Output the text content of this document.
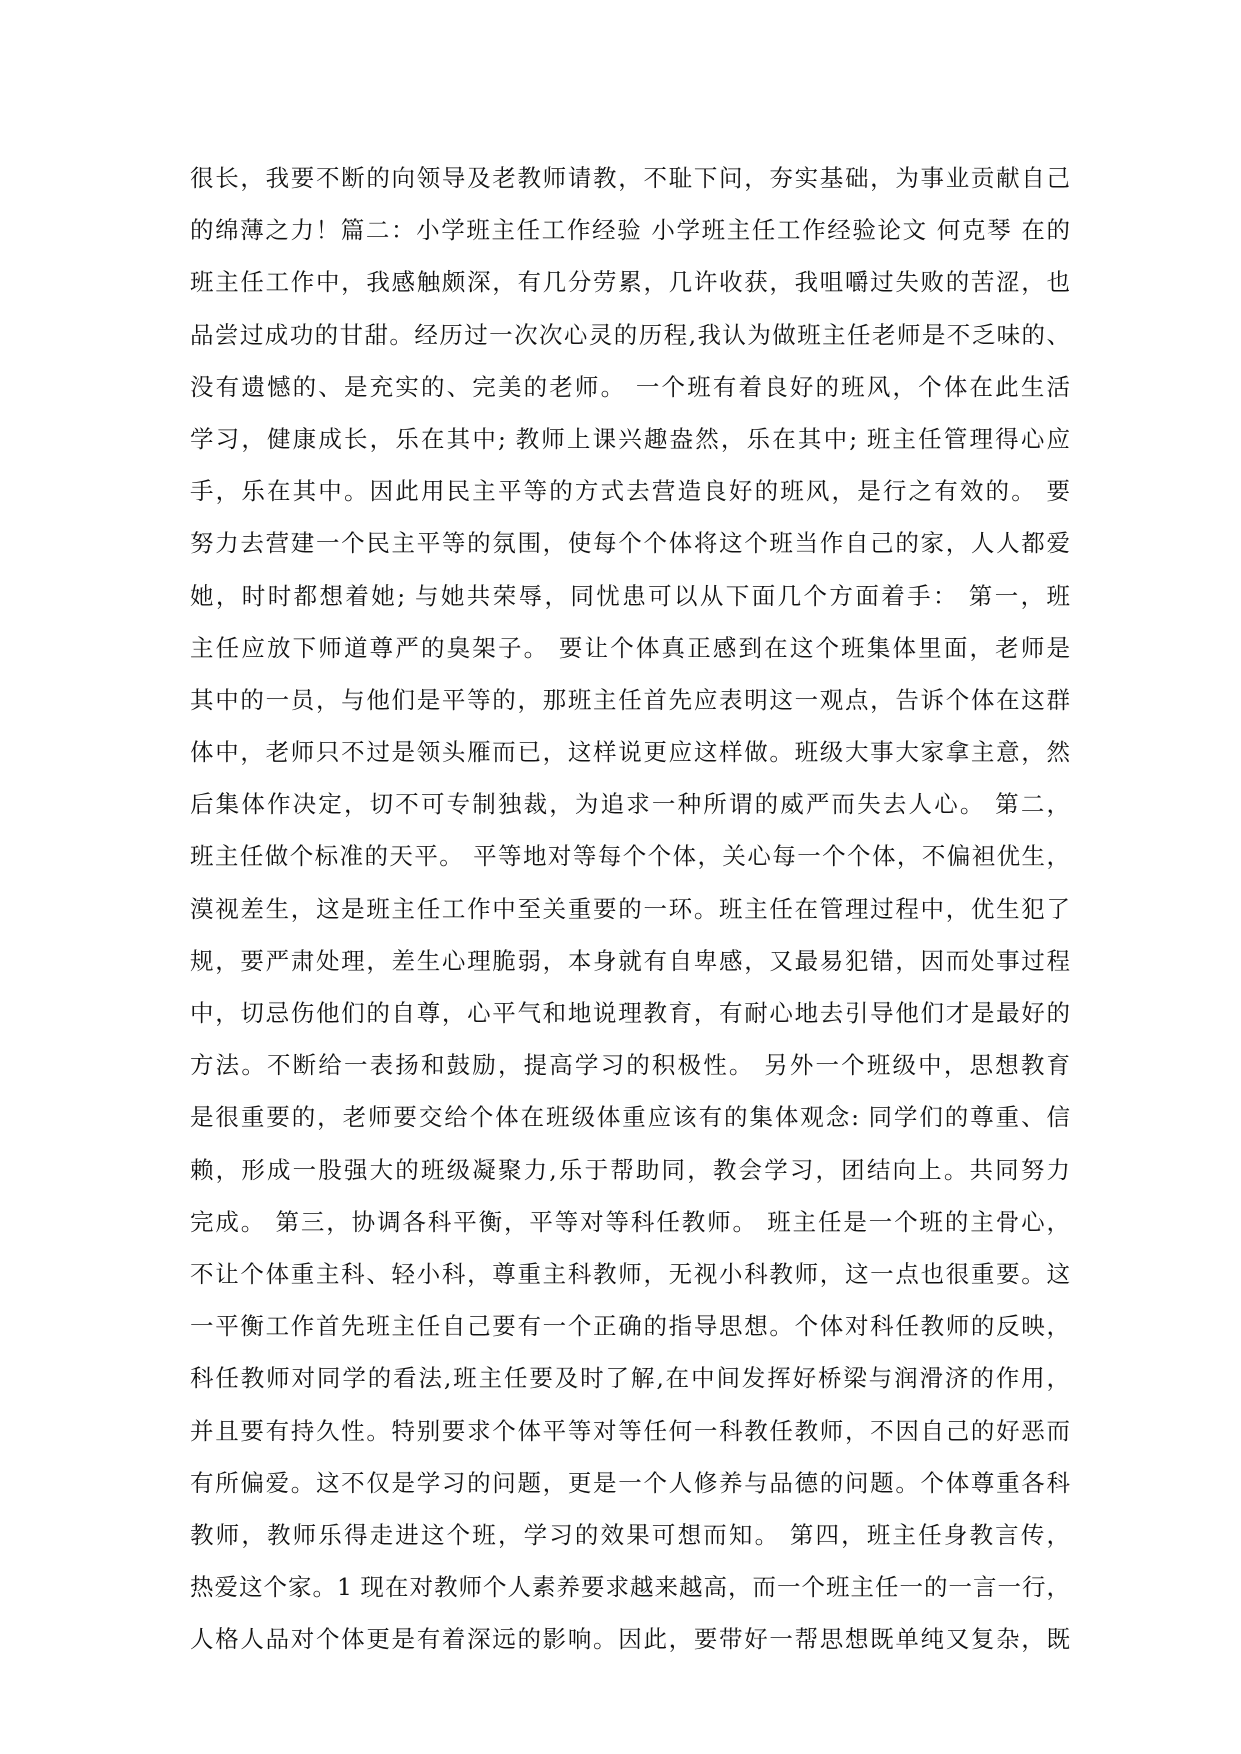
很长，我要不断的向领导及老教师请教，不耻下问，夯实基础，为事业贡献自己
的绵薄之力！篇二：小学班主任工作经验 小学班主任工作经验论文 何克琴 在的
班主任工作中，我感触颇深，有几分劳累，几许收获，我咀嚼过失败的苦涩，也
品尝过成功的甘甜。经历过一次次心灵的历程,我认为做班主任老师是不乏味的、
没有遗憾的、是充实的、完美的老师。 一个班有着良好的班风，个体在此生活
学习，健康成长，乐在其中; 教师上课兴趣盎然，乐在其中; 班主任管理得心应
手，乐在其中。因此用民主平等的方式去营造良好的班风，是行之有效的。 要
努力去营建一个民主平等的氛围，使每个个体将这个班当作自己的家，人人都爱
她，时时都想着她; 与她共荣辱，同忧患可以从下面几个方面着手： 第一，班
主任应放下师道尊严的臭架子。 要让个体真正感到在这个班集体里面，老师是
其中的一员，与他们是平等的，那班主任首先应表明这一观点，告诉个体在这群
体中，老师只不过是领头雁而已，这样说更应这样做。班级大事大家拿主意，然
后集体作决定，切不可专制独裁，为追求一种所谓的威严而失去人心。 第二，
班主任做个标准的天平。 平等地对等每个个体，关心每一个个体，不偏袒优生，
漠视差生，这是班主任工作中至关重要的一环。班主任在管理过程中，优生犯了
规，要严肃处理，差生心理脆弱，本身就有自卑感，又最易犯错，因而处事过程
中，切忌伤他们的自尊，心平气和地说理教育，有耐心地去引导他们才是最好的
方法。不断给一表扬和鼓励，提高学习的积极性。 另外一个班级中，思想教育
是很重要的，老师要交给个体在班级体重应该有的集体观念: 同学们的尊重、信
赖，形成一股强大的班级凝聚力,乐于帮助同，教会学习，团结向上。共同努力
完成。 第三，协调各科平衡，平等对等科任教师。 班主任是一个班的主骨心，
不让个体重主科、轻小科，尊重主科教师，无视小科教师，这一点也很重要。这
一平衡工作首先班主任自己要有一个正确的指导思想。个体对科任教师的反映，
科任教师对同学的看法,班主任要及时了解,在中间发挥好桥梁与润滑济的作用，
并且要有持久性。特别要求个体平等对等任何一科教任教师，不因自己的好恶而
有所偏爱。这不仅是学习的问题，更是一个人修养与品德的问题。个体尊重各科
教师，教师乐得走进这个班，学习的效果可想而知。 第四，班主任身教言传，
热爱这个家。1 现在对教师个人素养要求越来越高，而一个班主任一的一言一行，
人格人品对个体更是有着深远的影响。因此，要带好一帮思想既单纯又复杂，既
